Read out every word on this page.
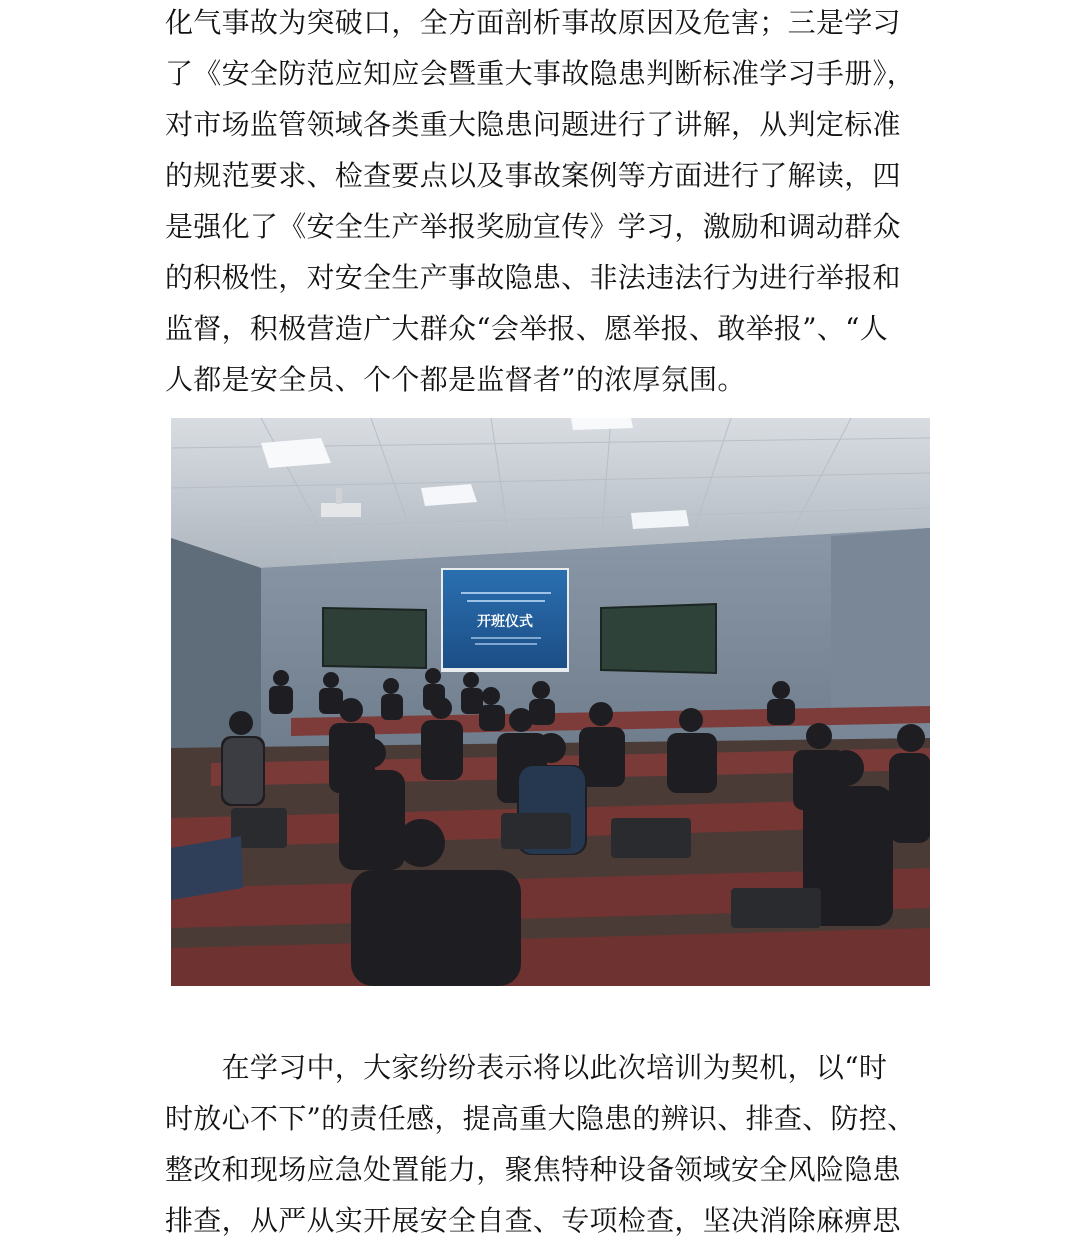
化气事故为突破口，全方面剖析事故原因及危害；三是学习
了《安全防范应知应会暨重大事故隐患判断标准学习手册》，
对市场监管领域各类重大隐患问题进行了讲解，从判定标准
的规范要求、检查要点以及事故案例等方面进行了解读，四
是强化了《安全生产举报奖励宣传》学习，激励和调动群众
的积极性，对安全生产事故隐患、非法违法行为进行举报和
监督，积极营造广大群众“会举报、愿举报、敢举报”、“人
人都是安全员、个个都是监督者”的浓厚氛围。
开班仪式
　　在学习中，大家纷纷表示将以此次培训为契机，以“时
时放心不下”的责任感，提高重大隐患的辨识、排查、防控、
整改和现场应急处置能力，聚焦特种设备领域安全风险隐患
排查，从严从实开展安全自查、专项检查，坚决消除麻痹思
